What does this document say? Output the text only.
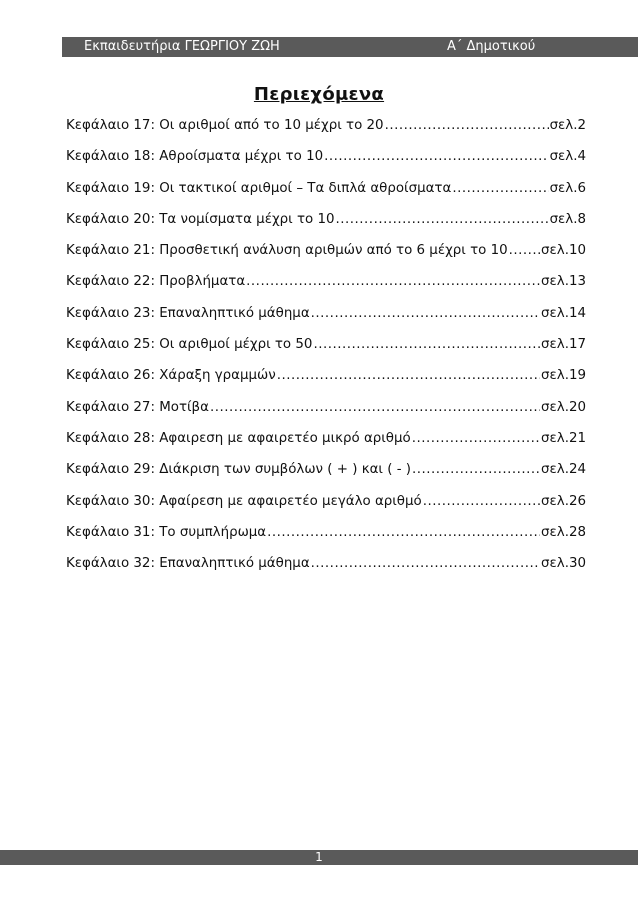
Εκπαιδευτήρια ΓΕΩΡΓΙΟΥ ΖΩΗ	Α΄ Δημοτικού
Περιεχόμενα
Κεφάλαιο 17: Οι αριθμοί από το 10 μέχρι το 20 .....	σελ.2
Κεφάλαιο 18: Αθροίσματα μέχρι το 10 .....	σελ.4
Κεφάλαιο 19: Οι τακτικοί αριθμοί – Τα διπλά αθροίσματα .....	σελ.6
Κεφάλαιο 20: Τα νομίσματα μέχρι το 10 .....	σελ.8
Κεφάλαιο 21: Προσθετική ανάλυση αριθμών από το 6 μέχρι το 10 ..... σελ.10
Κεφάλαιο 22: Προβλήματα .....	σελ.13
Κεφάλαιο 23: Επαναληπτικό μάθημα .....	σελ.14
Κεφάλαιο 25: Οι αριθμοί μέχρι το 50 .....	σελ.17
Κεφάλαιο 26: Χάραξη γραμμών .....	σελ.19
Κεφάλαιο 27: Μοτίβα .....	σελ.20
Κεφάλαιο 28: Αφαιρεση με αφαιρετέο μικρό αριθμό .....	σελ.21
Κεφάλαιο 29: Διάκριση των συμβόλων ( + ) και ( - ) .....	σελ.24
Κεφάλαιο 30: Αφαίρεση με αφαιρετέο μεγάλο αριθμό .....	σελ.26
Κεφάλαιο 31: Το συμπλήρωμα .....	σελ.28
Κεφάλαιο 32: Επαναληπτικό μάθημα .....	σελ.30
1
